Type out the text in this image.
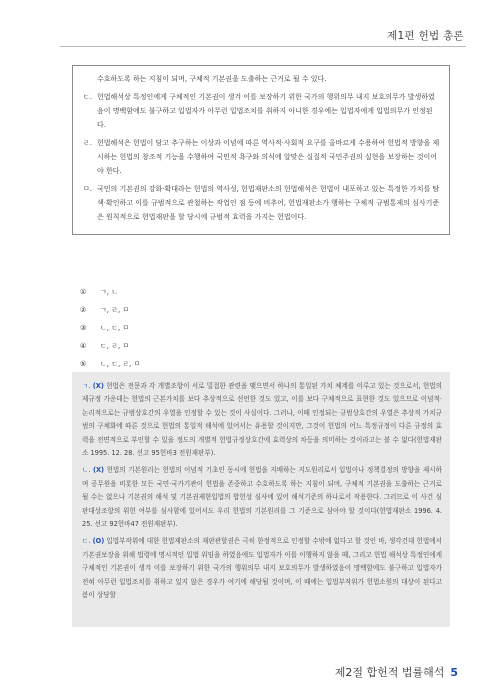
제1편 헌법 총론
수호하도록 하는 지침이 되며, 구체적 기본권을 도출하는 근거로 될 수 있다.
ㄷ. 헌법해석상 특정인에게 구체적인 기본권이 생겨 이를 보장하기 위한 국가의 행위의무 내지 보호의무가 발생하였음이 명백함에도 불구하고 입법자가 아무런 입법조치를 취하지 아니한 경우에는 입법자에게 입법의무가 인정된다.
ㄹ. 헌법해석은 헌법이 담고 추구하는 이상과 이념에 따른 역사적·사회적 요구를 올바르게 수용하여 헌법적 방향을 제시하는 헌법의 창조적 기능을 수행하여 국민적 욕구와 의식에 알맞은 실질적 국민주권의 실현을 보장하는 것이어야 한다.
ㅁ. 국민의 기본권의 강화·확대라는 헌법의 역사성, 헌법재판소의 헌법해석은 헌법이 내포하고 있는 특정한 가치를 탐색·확인하고 이를 규범적으로 관철하는 작업인 점 등에 비추어, 헌법재판소가 행하는 구체적 규범통제의 심사기준은 원칙적으로 헌법재판을 할 당시에 규범적 효력을 가지는 헌법이다.
① ㄱ, ㄴ
② ㄱ, ㄹ, ㅁ
③ ㄴ, ㄷ, ㅁ
④ ㄷ, ㄹ, ㅁ
⑤ ㄴ, ㄷ, ㄹ, ㅁ

ㄱ. (X) 헌법은 전문과 각 개별조항이 서로 밀접한 관련을 맺으면서 하나의 통일된 가치 체계를 이루고 있는 것으로서, 헌법의 제규정 가운데는 헌법의 근본가치를 보다 추상적으로 선언한 것도 있고, 이를 보다 구체적으로 표현한 것도 있으므로 이념적·논리적으로는 규범상호간의 우열을 인정할 수 있는 것이 사실이다. 그러나, 이때 인정되는 규범상호간의 우열은 추상적 가치규범의 구체화에 따른 것으로 헌법의 통일적 해석에 있어서는 유용할 것이지만, 그것이 헌법의 어느 특정규정이 다른 규정의 효력을 전면적으로 부인할 수 있을 정도의 개별적 헌법규정상호간에 효력상의 차등을 의미하는 것이라고는 볼 수 없다(헌법재판소 1995. 12. 28. 선고 95헌바3 전원재판부).

ㄴ. (X) 헌법의 기본원리는 헌법의 이념적 기초인 동시에 헌법을 지배하는 지도원리로서 입법이나 정책결정의 방향을 제시하며 공무원을 비롯한 모든 국민·국가기관이 헌법을 존중하고 수호하도록 하는 지침이 되며, 구체적 기본권을 도출하는 근거로 될 수는 없으나 기본권의 해석 및 기본권제한입법의 합헌성 심사에 있어 해석기준의 하나로서 작용한다. 그러므로 이 사건 심판대상조항의 위헌 여부를 심사함에 있어서도 우리 헌법의 기본원리를 그 기준으로 삼아야 할 것이다(헌법재판소 1996. 4. 25. 선고 92헌바47 전원재판부).

ㄷ. (O) 입법부작위에 대한 헌법재판소의 재판관할권은 극히 한정적으로 인정할 수밖에 없다고 할 것인 바, 생각건대 헌법에서 기본권보장을 위해 법령에 명시적인 입법 위임을 하였음에도 입법자가 이를 이행하지 않을 때, 그리고 헌법 해석상 특정인에게 구체적인 기본권이 생겨 이를 보장하기 위한 국가의 행위의무 내지 보호의무가 발생하였음이 명백함에도 불구하고 입법자가 전혀 아무런 입법조치를 취하고 있지 않은 경우가 여기에 해당될 것이며, 이 때에는 입법부작위가 헌법소원의 대상이 된다고 봄이 상당할

제2절 합헌적 법률해석 5
